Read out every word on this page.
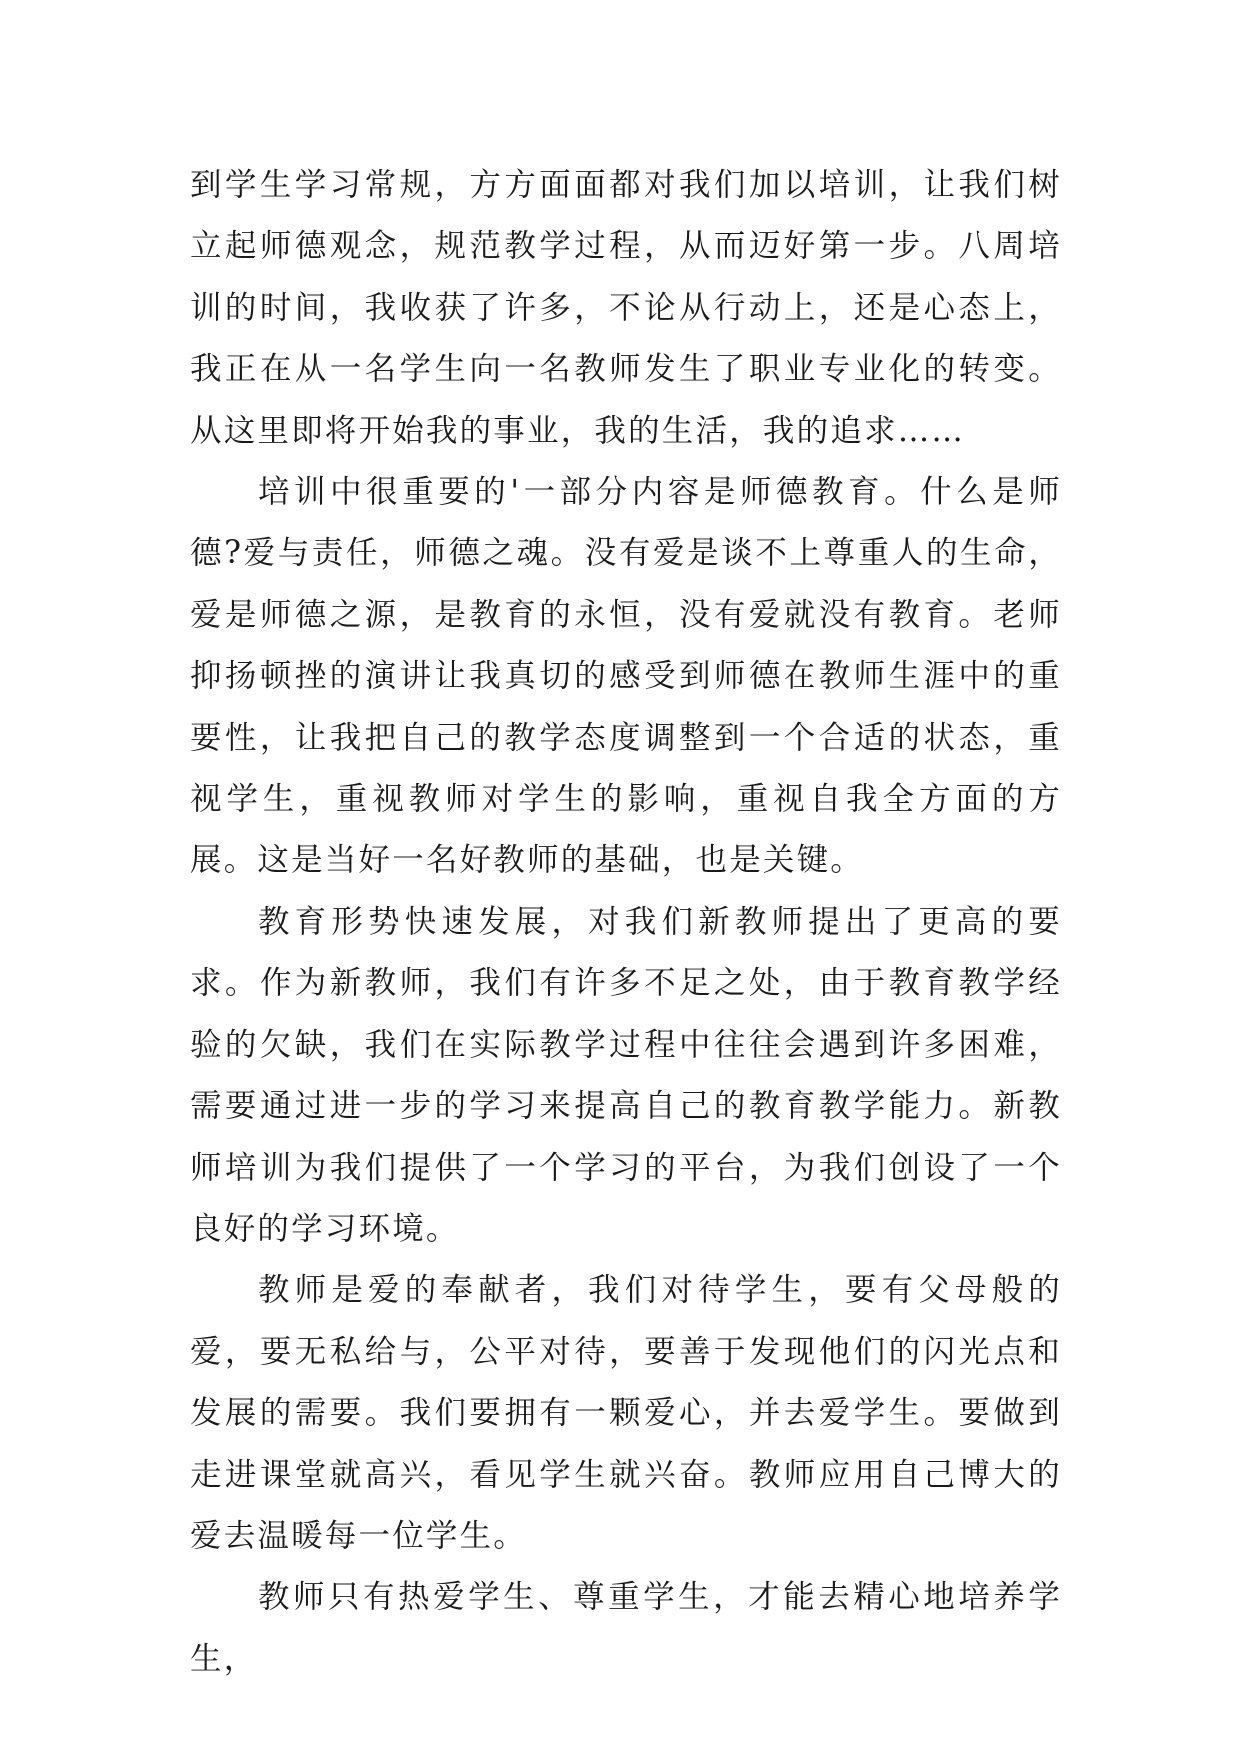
到学生学习常规，方方面面都对我们加以培训，让我们树立起师德观念，规范教学过程，从而迈好第一步。八周培训的时间，我收获了许多，不论从行动上，还是心态上，我正在从一名学生向一名教师发生了职业专业化的转变。从这里即将开始我的事业，我的生活，我的追求……

培训中很重要的'一部分内容是师德教育。什么是师德?爱与责任，师德之魂。没有爱是谈不上尊重人的生命，爱是师德之源，是教育的永恒，没有爱就没有教育。老师抑扬顿挫的演讲让我真切的感受到师德在教师生涯中的重要性，让我把自己的教学态度调整到一个合适的状态，重视学生，重视教师对学生的影响，重视自我全方面的方展。这是当好一名好教师的基础，也是关键。

教育形势快速发展，对我们新教师提出了更高的要求。作为新教师，我们有许多不足之处，由于教育教学经验的欠缺，我们在实际教学过程中往往会遇到许多困难，需要通过进一步的学习来提高自己的教育教学能力。新教师培训为我们提供了一个学习的平台，为我们创设了一个良好的学习环境。

教师是爱的奉献者，我们对待学生，要有父母般的爱，要无私给与，公平对待，要善于发现他们的闪光点和发展的需要。我们要拥有一颗爱心，并去爱学生。要做到走进课堂就高兴，看见学生就兴奋。教师应用自己博大的爱去温暖每一位学生。

教师只有热爱学生、尊重学生，才能去精心地培养学生，
